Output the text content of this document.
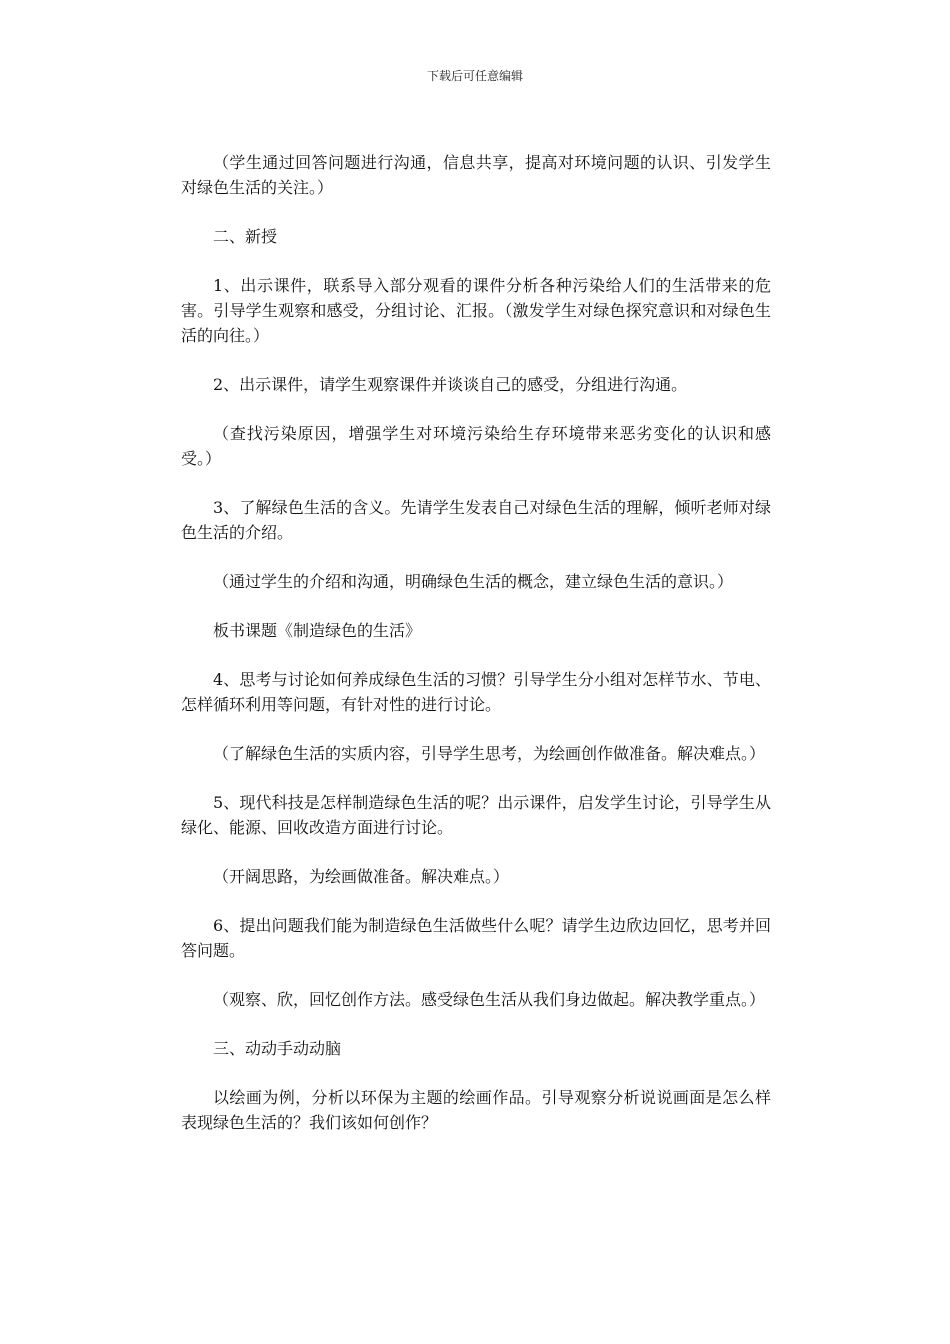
下载后可任意编辑

（学生通过回答问题进行沟通，信息共享，提高对环境问题的认识、引发学生对绿色生活的关注。）

二、新授

1、出示课件，联系导入部分观看的课件分析各种污染给人们的生活带来的危害。引导学生观察和感受，分组讨论、汇报。（激发学生对绿色探究意识和对绿色生活的向往。）

2、出示课件，请学生观察课件并谈谈自己的感受，分组进行沟通。

（查找污染原因，增强学生对环境污染给生存环境带来恶劣变化的认识和感受。）

3、了解绿色生活的含义。先请学生发表自己对绿色生活的理解，倾听老师对绿色生活的介绍。

（通过学生的介绍和沟通，明确绿色生活的概念，建立绿色生活的意识。）

板书课题《制造绿色的生活》

4、思考与讨论如何养成绿色生活的习惯？引导学生分小组对怎样节水、节电、怎样循环利用等问题，有针对性的进行讨论。

（了解绿色生活的实质内容，引导学生思考，为绘画创作做准备。解决难点。）

5、现代科技是怎样制造绿色生活的呢？出示课件，启发学生讨论，引导学生从绿化、能源、回收改造方面进行讨论。

（开阔思路，为绘画做准备。解决难点。）

6、提出问题我们能为制造绿色生活做些什么呢？请学生边欣边回忆，思考并回答问题。

（观察、欣，回忆创作方法。感受绿色生活从我们身边做起。解决教学重点。）

三、动动手动动脑

以绘画为例，分析以环保为主题的绘画作品。引导观察分析说说画面是怎么样表现绿色生活的？我们该如何创作？
